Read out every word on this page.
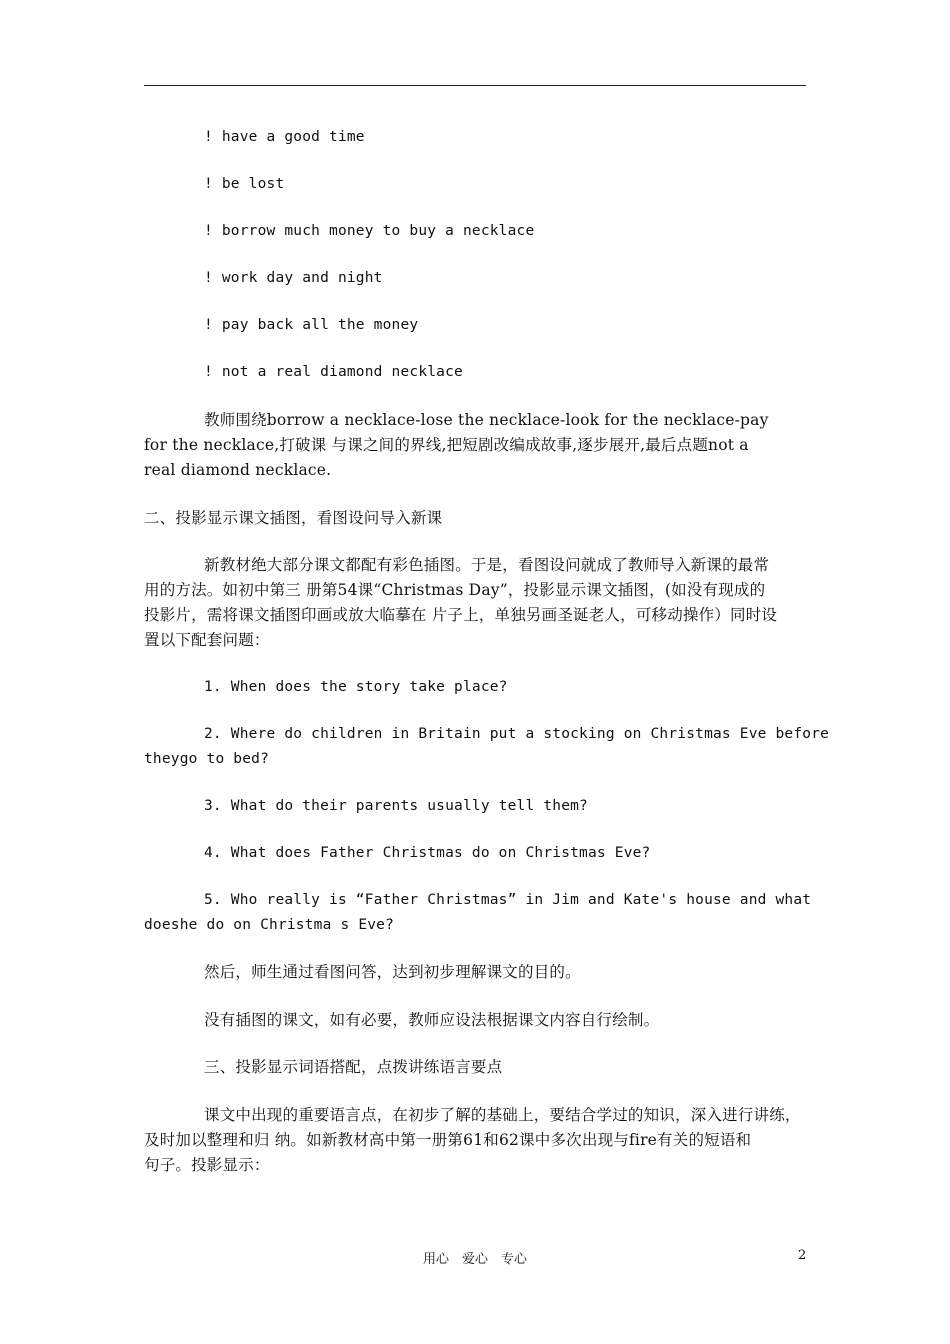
! have a good time
! be lost
! borrow much money to buy a necklace
! work day and night
! pay back all the money
! not a real diamond necklace
教师围绕borrow a necklace-lose the necklace-look for the necklace-pay
for the necklace,打破课 与课之间的界线,把短剧改编成故事,逐步展开,最后点题not a
real diamond necklace.
二、投影显示课文插图，看图设问导入新课
新教材绝大部分课文都配有彩色插图。于是，看图设问就成了教师导入新课的最常
用的方法。如初中第三 册第54课“Christmas Day”，投影显示课文插图，(如没有现成的
投影片，需将课文插图印画或放大临摹在 片子上，单独另画圣诞老人，可移动操作）同时设
置以下配套问题：
1. When does the story take place?
2. Where do children in Britain put a stocking on Christmas Eve before
theygo to bed?
3. What do their parents usually tell them?
4. What does Father Christmas do on Christmas Eve?
5. Who really is “Father Christmas” in Jim and Kate's house and what
doeshe do on Christma s Eve?
然后，师生通过看图问答，达到初步理解课文的目的。
没有插图的课文，如有必要，教师应设法根据课文内容自行绘制。
三、投影显示词语搭配，点拨讲练语言要点
课文中出现的重要语言点，在初步了解的基础上，要结合学过的知识，深入进行讲练，
及时加以整理和归 纳。如新教材高中第一册第61和62课中多次出现与fire有关的短语和
句子。投影显示：
用心　爱心　专心	2
